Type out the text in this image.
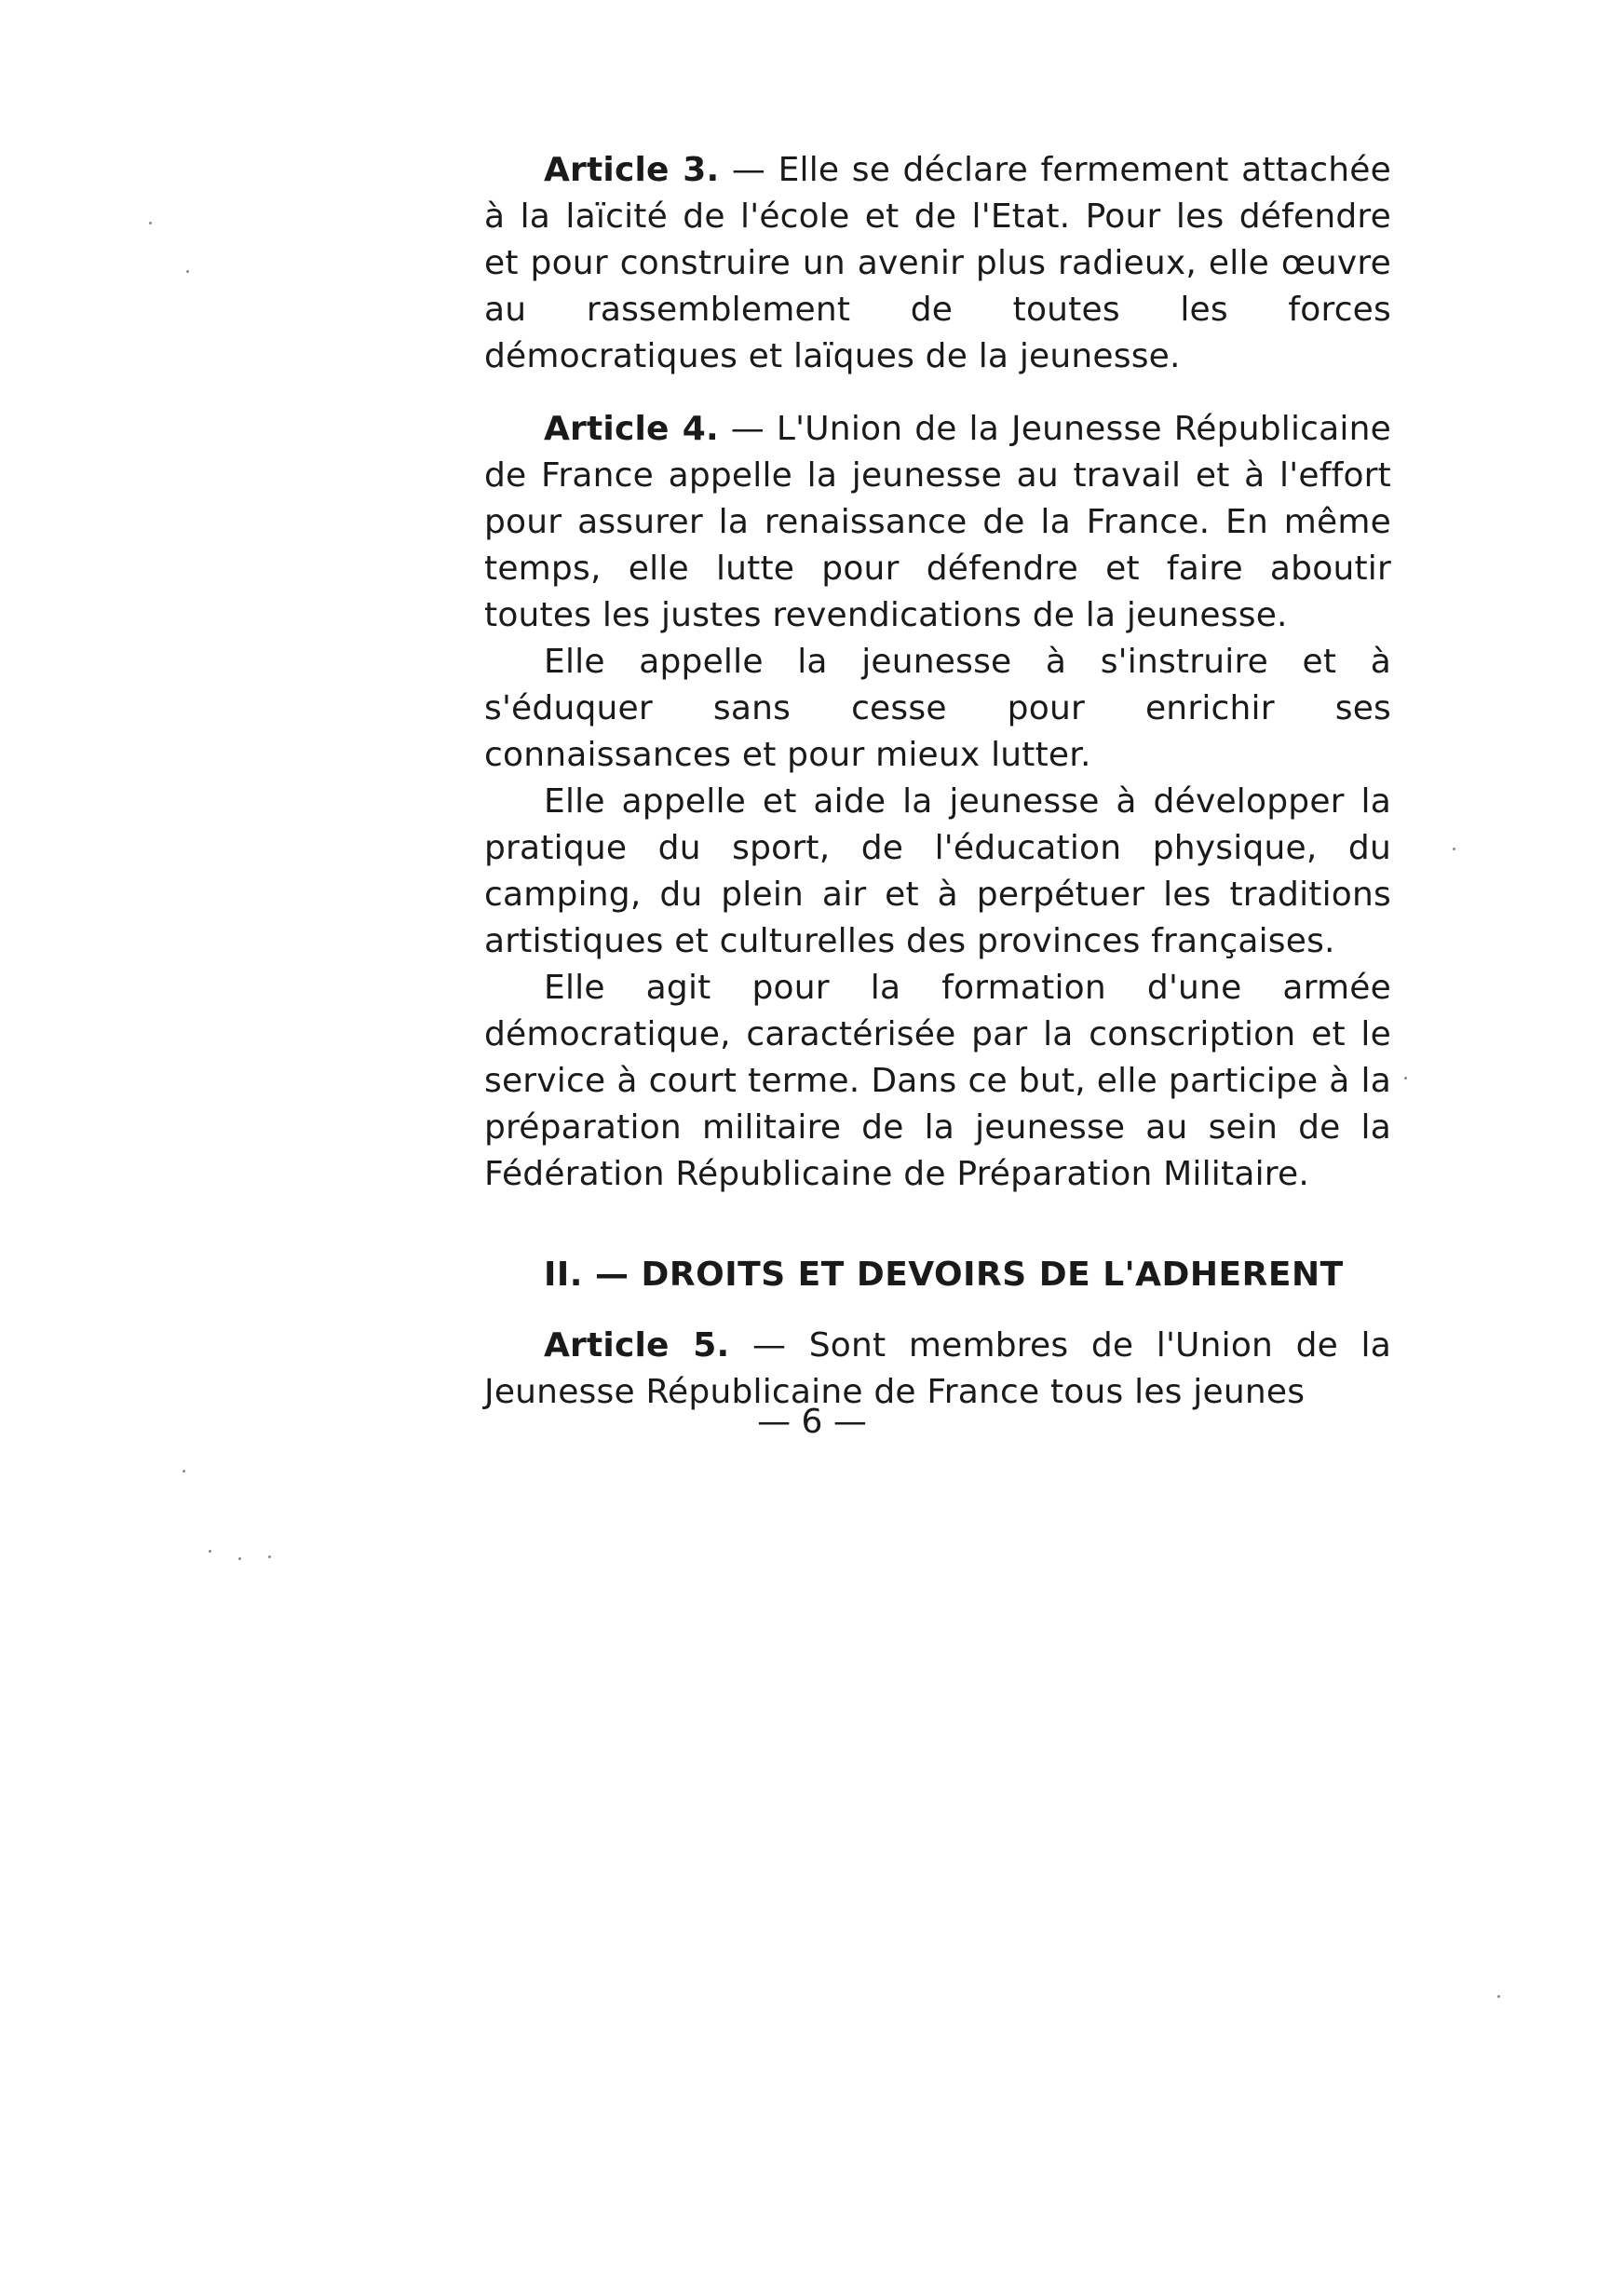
Article 3. — Elle se déclare fermement attachée à la laïcité de l'école et de l'Etat. Pour les défendre et pour construire un avenir plus radieux, elle œuvre au rassemblement de toutes les forces démocratiques et laïques de la jeunesse.

Article 4. — L'Union de la Jeunesse Républicaine de France appelle la jeunesse au travail et à l'effort pour assurer la renaissance de la France. En même temps, elle lutte pour défendre et faire aboutir toutes les justes revendications de la jeunesse.

Elle appelle la jeunesse à s'instruire et à s'éduquer sans cesse pour enrichir ses connaissances et pour mieux lutter.

Elle appelle et aide la jeunesse à développer la pratique du sport, de l'éducation physique, du camping, du plein air et à perpétuer les traditions artistiques et culturelles des provinces françaises.

Elle agit pour la formation d'une armée démocratique, caractérisée par la conscription et le service à court terme. Dans ce but, elle participe à la préparation militaire de la jeunesse au sein de la Fédération Républicaine de Préparation Militaire.

II. — DROITS ET DEVOIRS DE L'ADHERENT

Article 5. — Sont membres de l'Union de la Jeunesse Républicaine de France tous les jeunes

— 6 —
